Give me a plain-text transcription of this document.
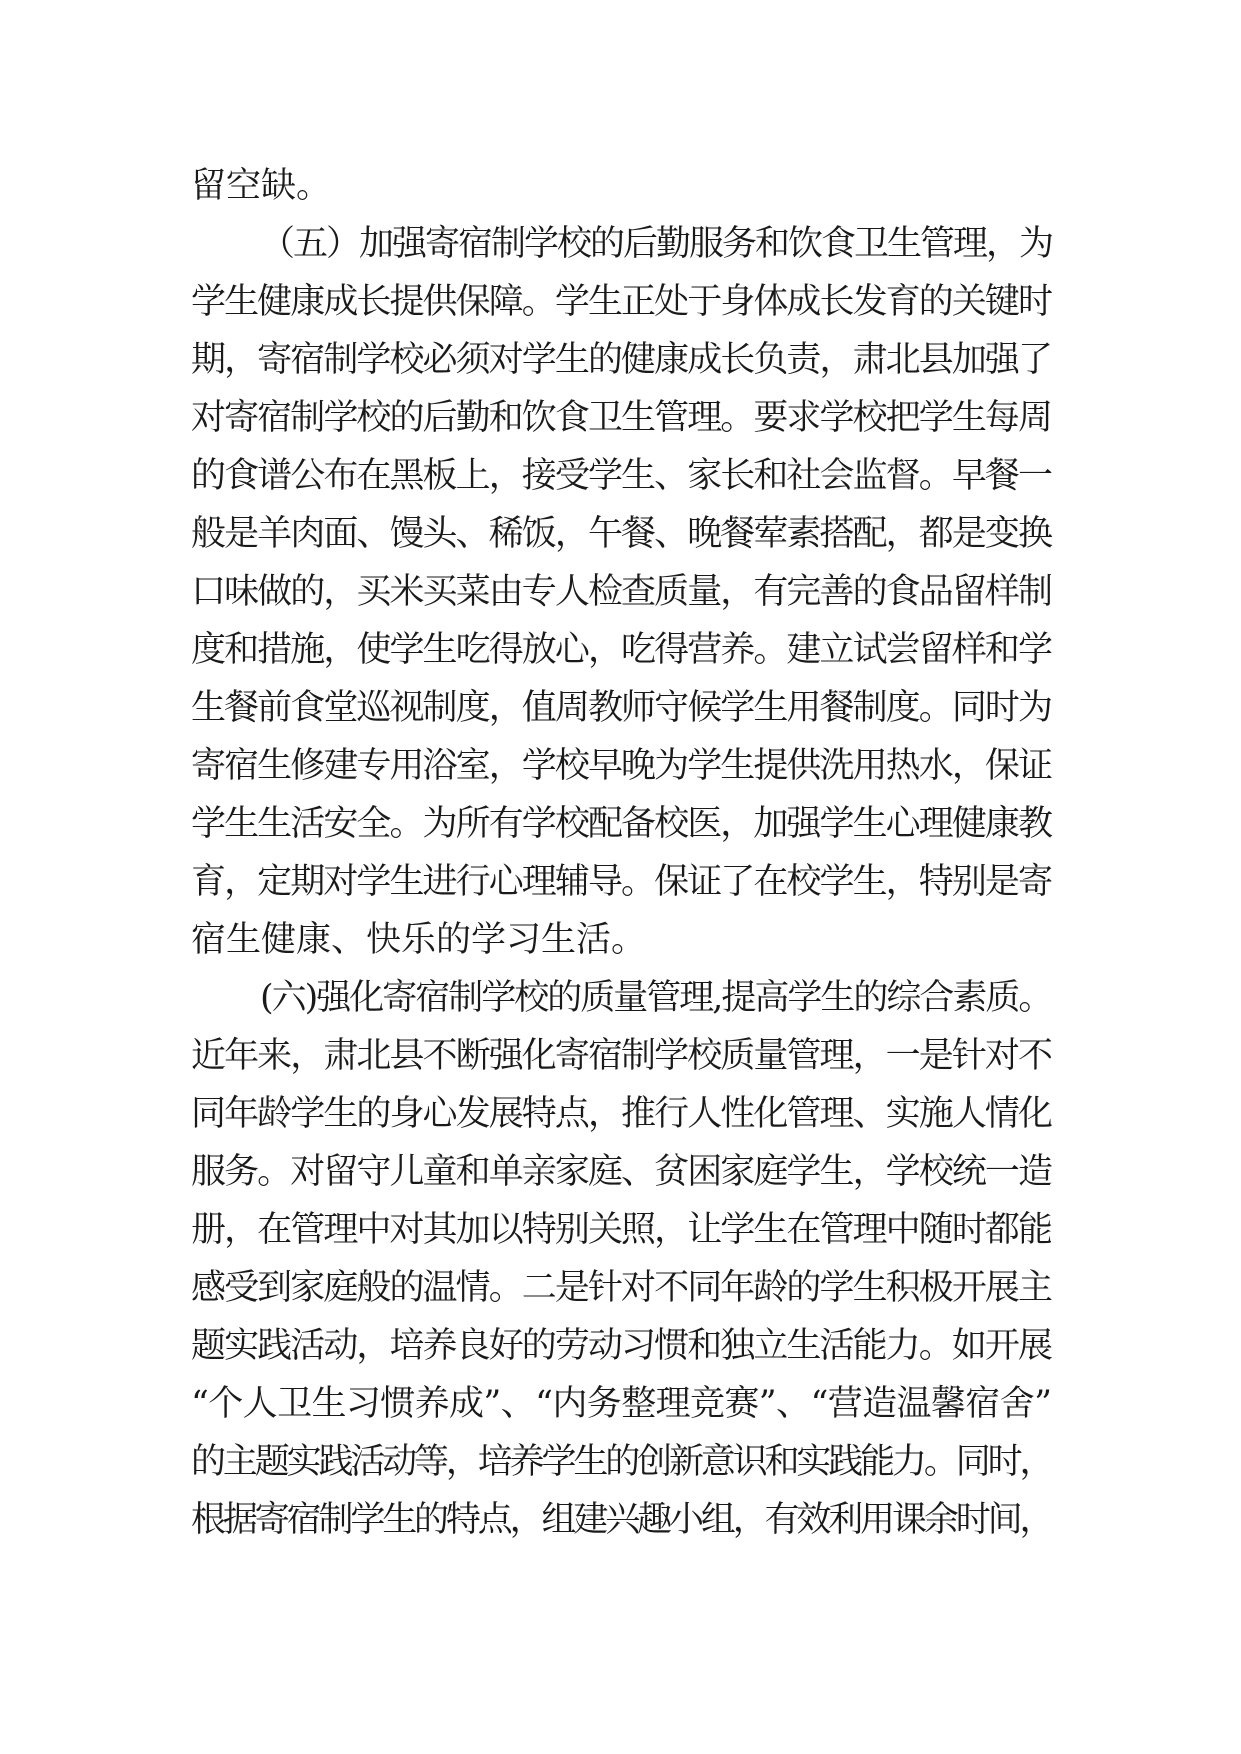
留空缺。
（五）加强寄宿制学校的后勤服务和饮食卫生管理，为
学生健康成长提供保障。学生正处于身体成长发育的关键时
期，寄宿制学校必须对学生的健康成长负责，肃北县加强了
对寄宿制学校的后勤和饮食卫生管理。要求学校把学生每周
的食谱公布在黑板上，接受学生、家长和社会监督。早餐一
般是羊肉面、馒头、稀饭，午餐、晚餐荤素搭配，都是变换
口味做的，买米买菜由专人检查质量，有完善的食品留样制
度和措施，使学生吃得放心，吃得营养。建立试尝留样和学
生餐前食堂巡视制度，值周教师守候学生用餐制度。同时为
寄宿生修建专用浴室，学校早晚为学生提供洗用热水，保证
学生生活安全。为所有学校配备校医，加强学生心理健康教
育，定期对学生进行心理辅导。保证了在校学生，特别是寄
宿生健康、快乐的学习生活。
(六)强化寄宿制学校的质量管理,提高学生的综合素质。
近年来，肃北县不断强化寄宿制学校质量管理，一是针对不
同年龄学生的身心发展特点，推行人性化管理、实施人情化
服务。对留守儿童和单亲家庭、贫困家庭学生，学校统一造
册，在管理中对其加以特别关照，让学生在管理中随时都能
感受到家庭般的温情。二是针对不同年龄的学生积极开展主
题实践活动，培养良好的劳动习惯和独立生活能力。如开展
“个人卫生习惯养成”、“内务整理竞赛”、“营造温馨宿舍”
的主题实践活动等，培养学生的创新意识和实践能力。同时，
根据寄宿制学生的特点，组建兴趣小组，有效利用课余时间，
